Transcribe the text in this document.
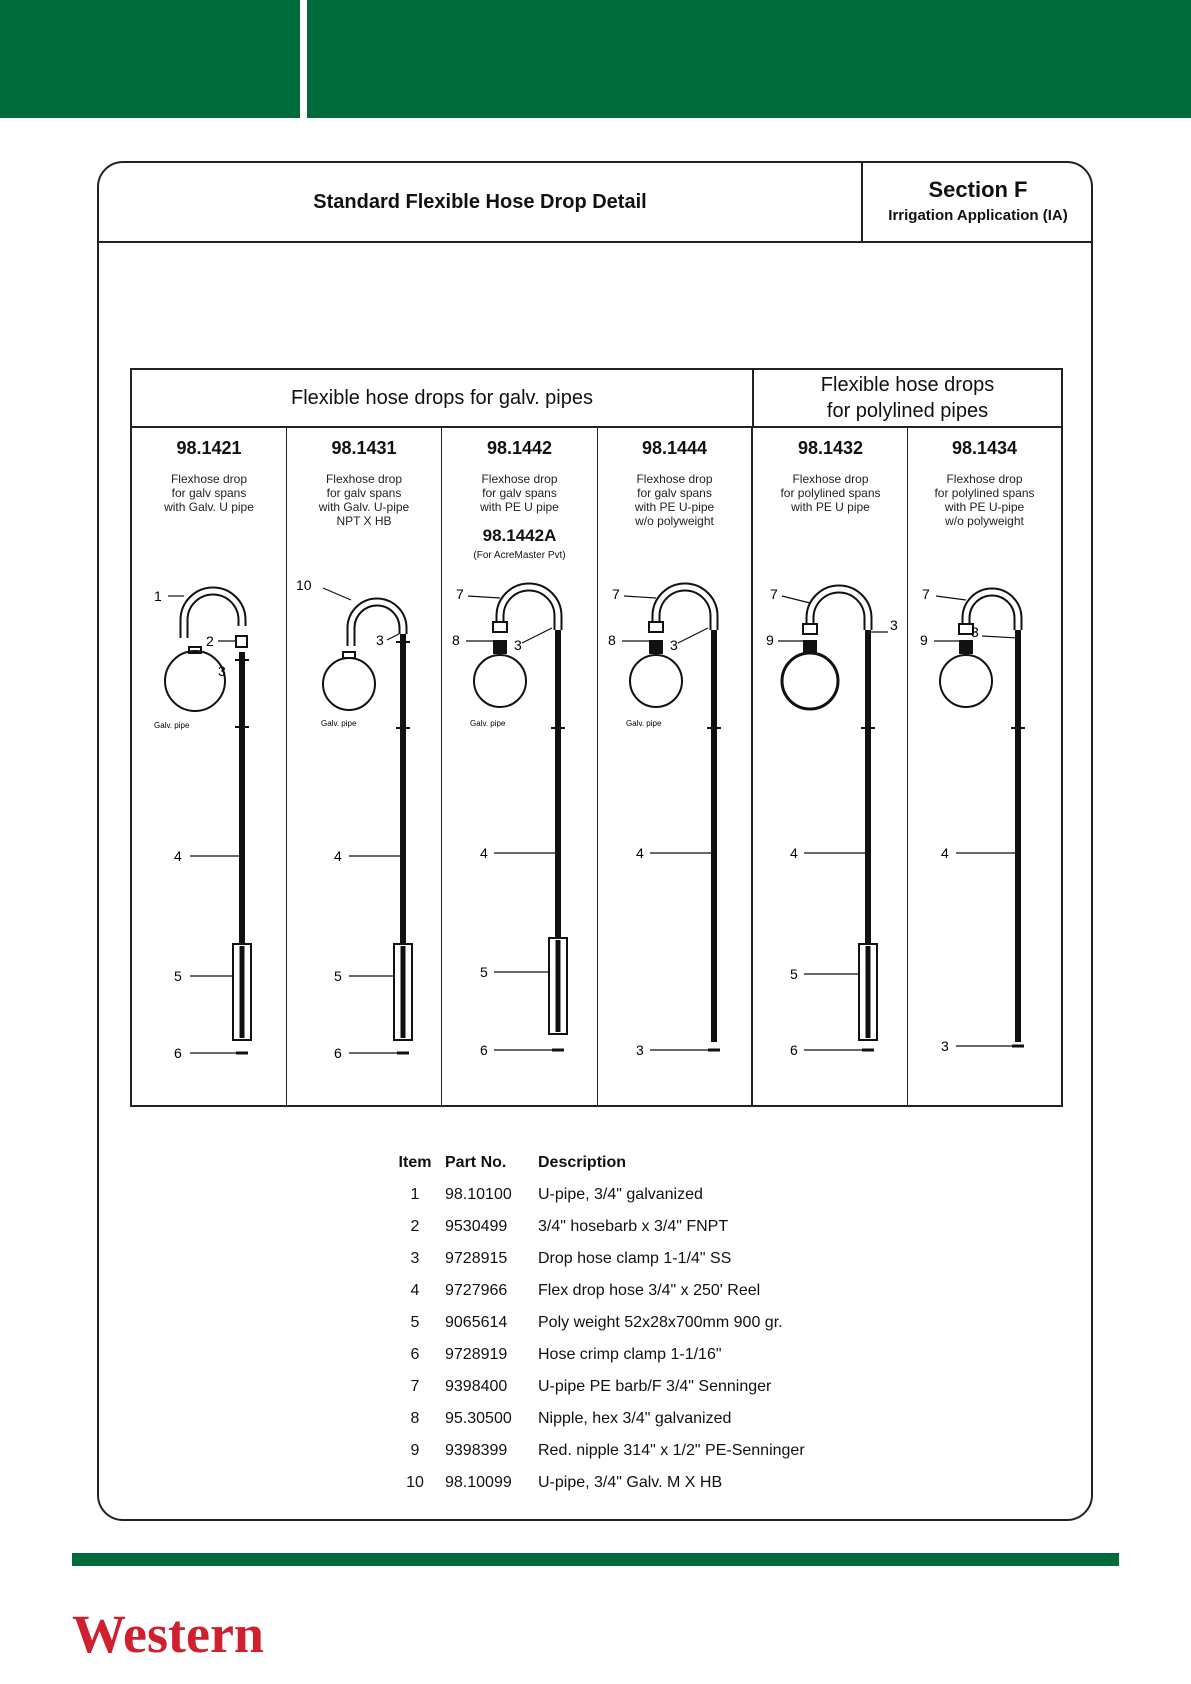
Standard Flexible Hose Drop Detail	Section F
Irrigation Application (IA)
Flexible hose drops for galv. pipes
Flexible hose drops
for polylined pipes
1
2
3
4
5
6
Galv. pipe
98.1421
Flexhose drop
for galv spans
with Galv. U pipe
10
3
4
5
6
Galv. pipe
98.1431
Flexhose drop
for galv spans
with Galv. U-pipe
NPT X HB
7
8	3
4
5
6
Galv. pipe
98.1442
Flexhose drop
for galv spans
with PE U pipe
98.1442A
(For AcreMaster Pvt)
7
8	3
4
3
Galv. pipe
98.1444
Flexhose drop
for galv spans
with PE U-pipe
w/o polyweight
7
9
3
4
5
6
98.1432
Flexhose drop
for polylined spans
with PE U pipe
7
9	3
4
3
98.1434
Flexhose drop
for polylined spans
with PE U-pipe
w/o polyweight
Item Part No.	Description
1	98.10100	U-pipe, 3/4" galvanized
2	9530499	3/4" hosebarb x 3/4" FNPT
3	9728915	Drop hose clamp 1-1/4" SS
4	9727966	Flex drop hose 3/4" x 250' Reel
5	9065614	Poly weight 52x28x700mm 900 gr.
6	9728919	Hose crimp clamp 1-1/16"
7	9398400	U-pipe PE barb/F 3/4" Senninger
8	95.30500	Nipple, hex 3/4" galvanized
9	9398399	Red. nipple 314" x 1/2" PE-Senninger
10	98.10099	U-pipe, 3/4" Galv. M X HB
Western
